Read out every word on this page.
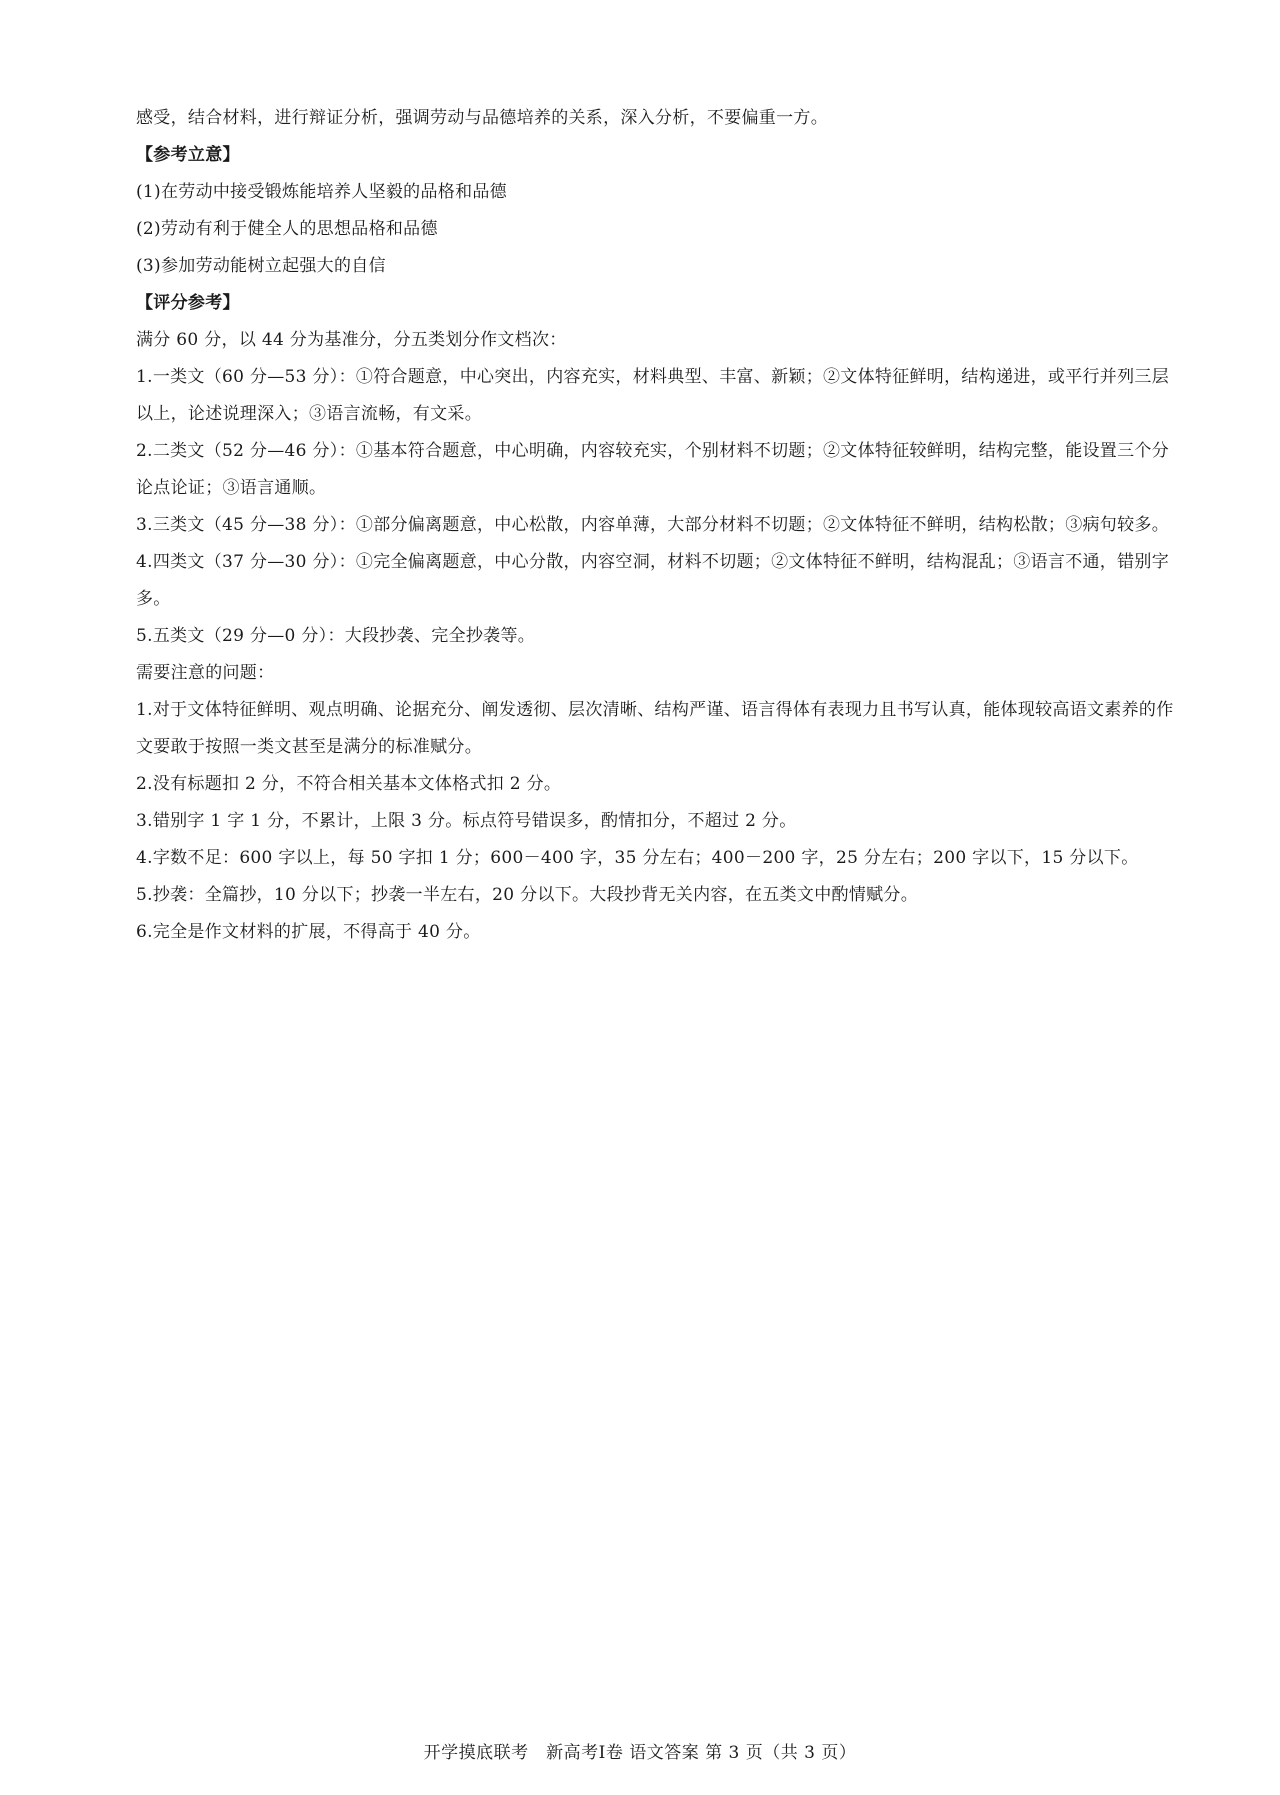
感受，结合材料，进行辩证分析，强调劳动与品德培养的关系，深入分析，不要偏重一方。

【参考立意】

(1)在劳动中接受锻炼能培养人坚毅的品格和品德

(2)劳动有利于健全人的思想品格和品德

(3)参加劳动能树立起强大的自信

【评分参考】

满分 60 分，以 44 分为基准分，分五类划分作文档次：

1.一类文（60 分—53 分）：①符合题意，中心突出，内容充实，材料典型、丰富、新颖；②文体特征鲜明，结构递进，或平行并列三层以上，论述说理深入；③语言流畅，有文采。

2.二类文（52 分—46 分）：①基本符合题意，中心明确，内容较充实，个别材料不切题；②文体特征较鲜明，结构完整，能设置三个分论点论证；③语言通顺。

3.三类文（45 分—38 分）：①部分偏离题意，中心松散，内容单薄，大部分材料不切题；②文体特征不鲜明，结构松散；③病句较多。

4.四类文（37 分—30 分）：①完全偏离题意，中心分散，内容空洞，材料不切题；②文体特征不鲜明，结构混乱；③语言不通，错别字多。

5.五类文（29 分—0 分）：大段抄袭、完全抄袭等。

需要注意的问题：

1.对于文体特征鲜明、观点明确、论据充分、阐发透彻、层次清晰、结构严谨、语言得体有表现力且书写认真，能体现较高语文素养的作文要敢于按照一类文甚至是满分的标准赋分。

2.没有标题扣 2 分，不符合相关基本文体格式扣 2 分。

3.错别字 1 字 1 分，不累计，上限 3 分。标点符号错误多，酌情扣分，不超过 2 分。

4.字数不足：600 字以上，每 50 字扣 1 分；600－400 字，35 分左右；400－200 字，25 分左右；200 字以下，15 分以下。

5.抄袭：全篇抄，10 分以下；抄袭一半左右，20 分以下。大段抄背无关内容，在五类文中酌情赋分。

6.完全是作文材料的扩展，不得高于 40 分。

开学摸底联考　新高考Ⅰ卷 语文答案 第 3 页（共 3 页）
